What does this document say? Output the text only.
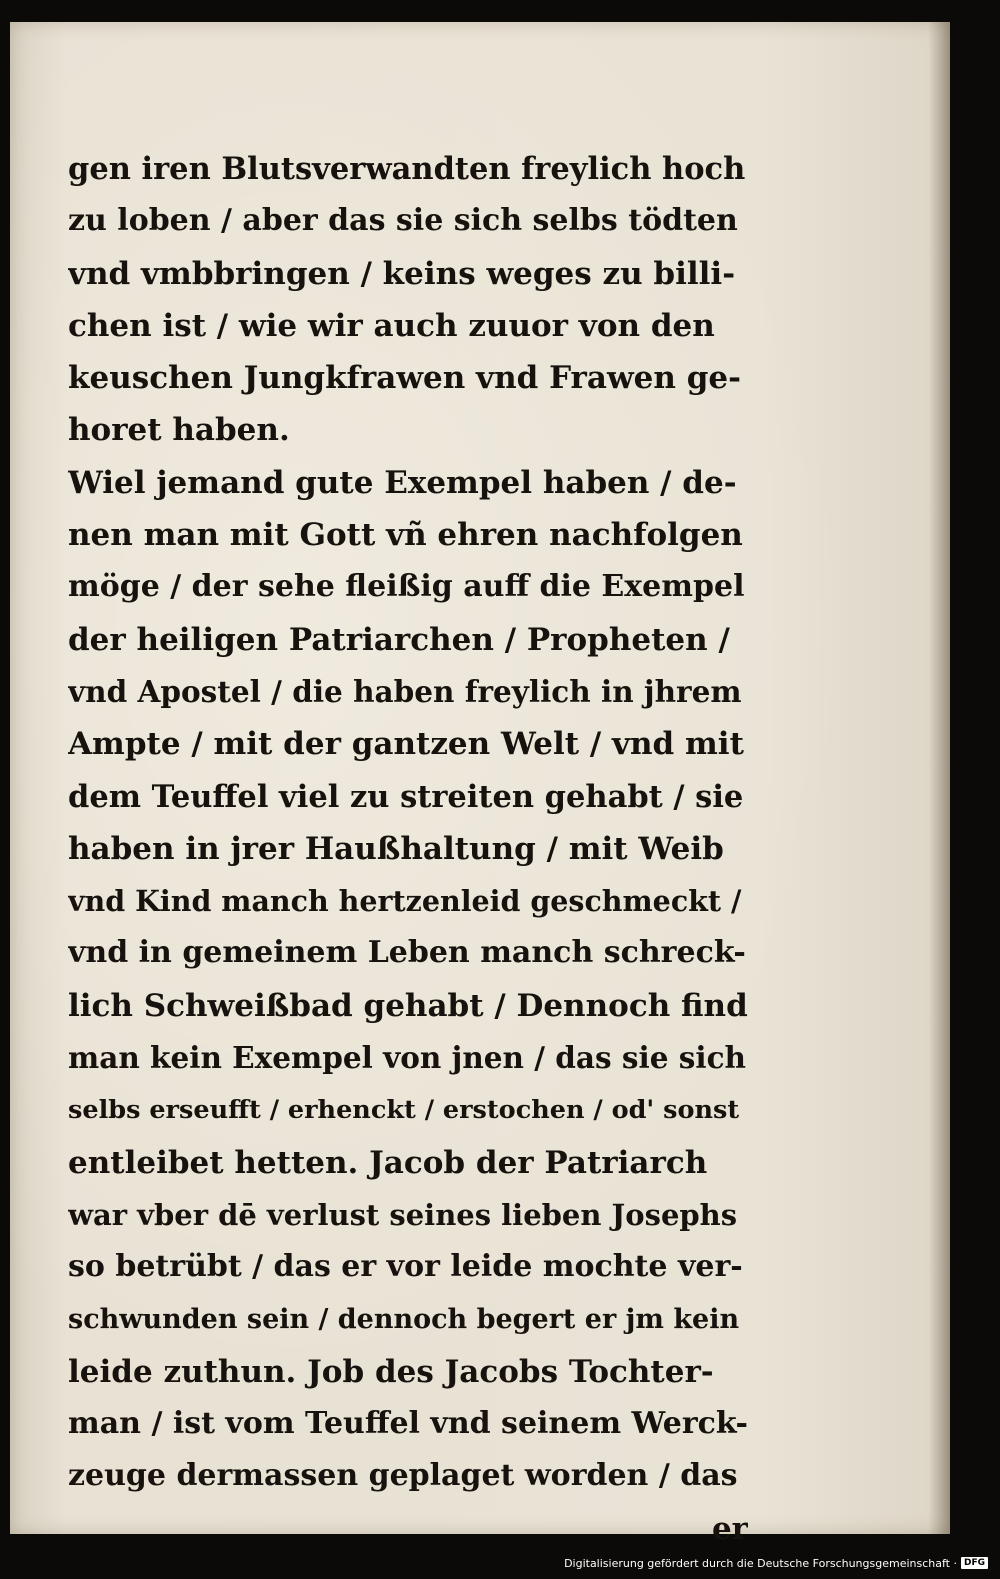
gen iren Blutsverwandten freylich hoch
zu loben / aber das sie sich selbs tödten
vnd vmbbringen / keins weges zu billi-
chen ist / wie wir auch zuuor von den
keuschen Jungkfrawen vnd Frawen ge-
horet haben.
Wiel jemand gute Exempel haben / de-
nen man mit Gott vñ ehren nachfolgen
möge / der sehe fleißig auff die Exempel
der heiligen Patriarchen / Propheten /
vnd Apostel / die haben freylich in jhrem
Ampte / mit der gantzen Welt / vnd mit
dem Teuffel viel zu streiten gehabt / sie
haben in jrer Haußhaltung / mit Weib
vnd Kind manch hertzenleid geschmeckt /
vnd in gemeinem Leben manch schreck-
lich Schweißbad gehabt / Dennoch find
man kein Exempel von jnen / das sie sich
selbs erseufft / erhenckt / erstochen / od' sonst
entleibet hetten. Jacob der Patriarch
war vber dē verlust seines lieben Josephs
so betrübt / das er vor leide mochte ver-
schwunden sein / dennoch begert er jm kein
leide zuthun. Job des Jacobs Tochter-
man / ist vom Teuffel vnd seinem Werck-
zeuge dermassen geplaget worden / das
er
Digitalisierung gefördert durch die Deutsche Forschungsgemeinschaft · DFG
